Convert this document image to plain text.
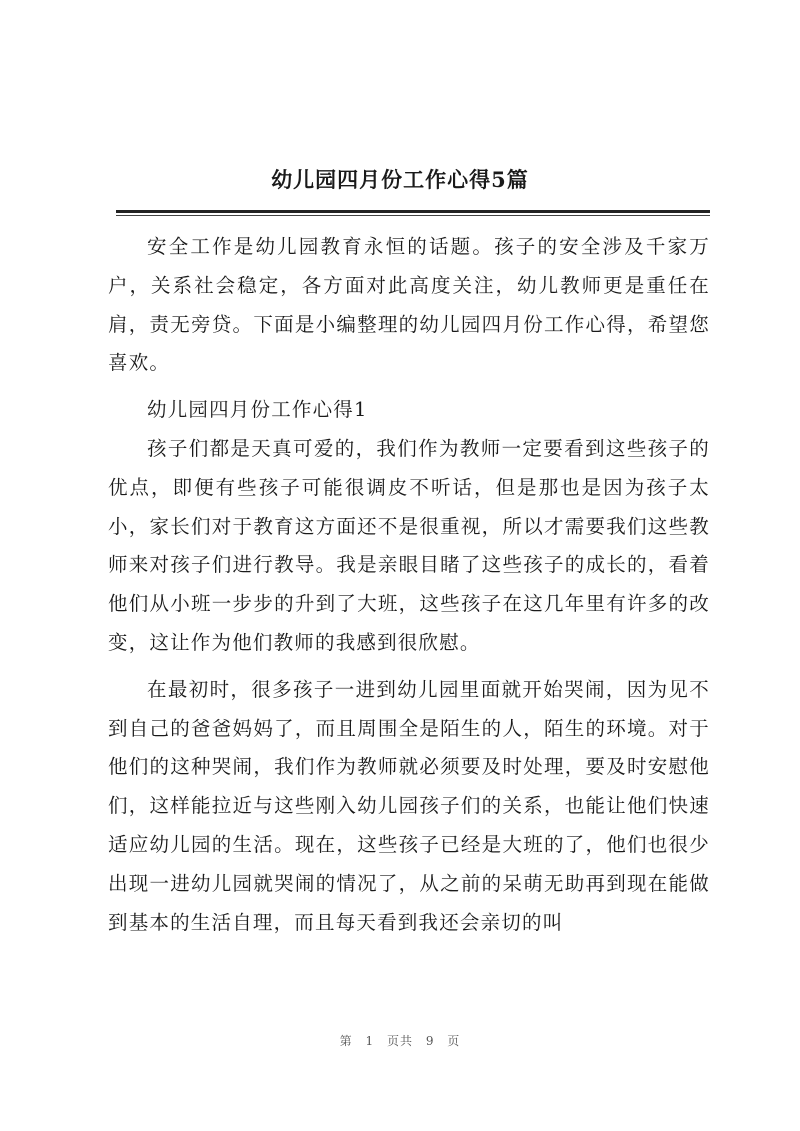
幼儿园四月份工作心得5篇

安全工作是幼儿园教育永恒的话题。孩子的安全涉及千家万户，关系社会稳定，各方面对此高度关注，幼儿教师更是重任在肩，责无旁贷。下面是小编整理的幼儿园四月份工作心得，希望您喜欢。

幼儿园四月份工作心得1

孩子们都是天真可爱的，我们作为教师一定要看到这些孩子的优点，即便有些孩子可能很调皮不听话，但是那也是因为孩子太小，家长们对于教育这方面还不是很重视，所以才需要我们这些教师来对孩子们进行教导。我是亲眼目睹了这些孩子的成长的，看着他们从小班一步步的升到了大班，这些孩子在这几年里有许多的改变，这让作为他们教师的我感到很欣慰。

在最初时，很多孩子一进到幼儿园里面就开始哭闹，因为见不到自己的爸爸妈妈了，而且周围全是陌生的人，陌生的环境。对于他们的这种哭闹，我们作为教师就必须要及时处理，要及时安慰他们，这样能拉近与这些刚入幼儿园孩子们的关系，也能让他们快速适应幼儿园的生活。现在，这些孩子已经是大班的了，他们也很少出现一进幼儿园就哭闹的情况了，从之前的呆萌无助再到现在能做到基本的生活自理，而且每天看到我还会亲切的叫

第 1 页共 9 页
